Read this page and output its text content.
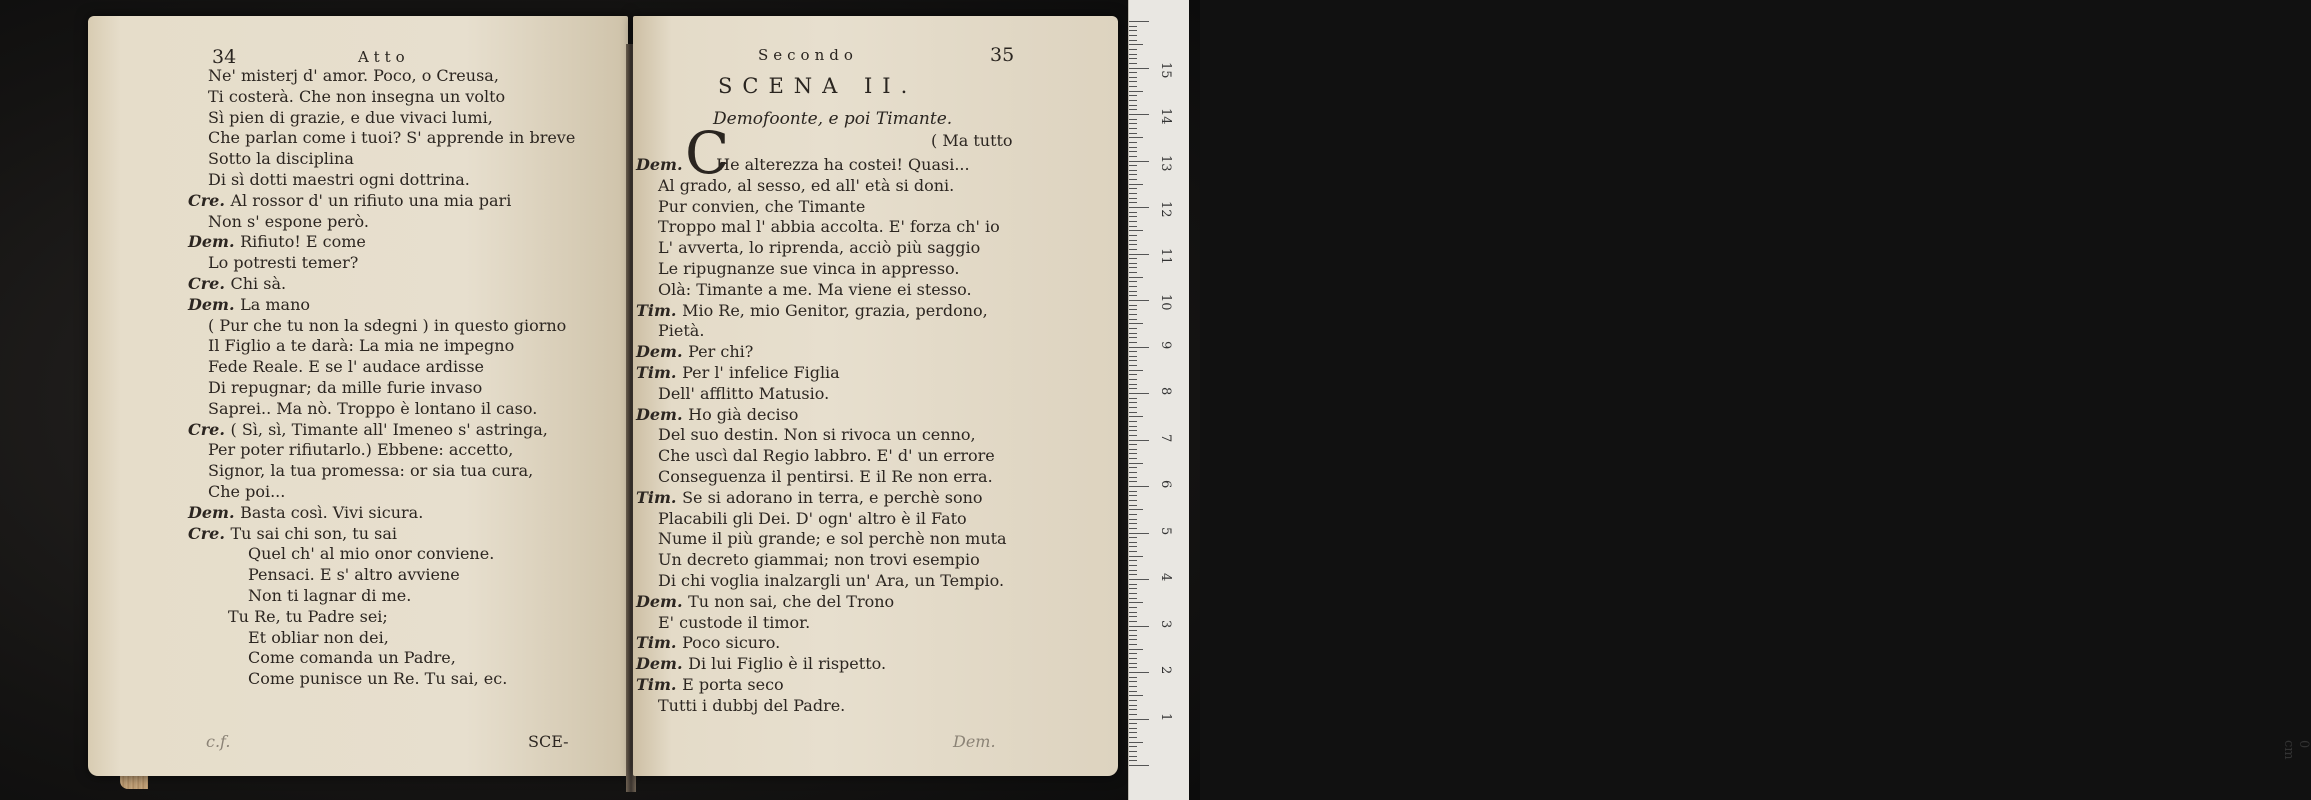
34	Atto
Ne' misterj d' amor. Poco, o Creusa,
Ti costerà. Che non insegna un volto
Sì pien di grazie, e due vivaci lumi,
Che parlan come i tuoi? S' apprende in breve
Sotto la disciplina
Di sì dotti maestri ogni dottrina.
Cre. Al rossor d' un rifiuto una mia pari
Non s' espone però.
Dem. Rifiuto! E come
Lo potresti temer?
Cre. Chi sà.
Dem. La mano
( Pur che tu non la sdegni ) in questo giorno
Il Figlio a te darà: La mia ne impegno
Fede Reale. E se l' audace ardisse
Di repugnar; da mille furie invaso
Saprei.. Ma nò. Troppo è lontano il caso.
Cre. ( Sì, sì, Timante all' Imeneo s' astringa,
Per poter rifiutarlo.) Ebbene: accetto,
Signor, la tua promessa: or sia tua cura,
Che poi...
Dem. Basta così. Vivi sicura.
Cre. Tu sai chi son, tu sai
Quel ch' al mio onor conviene.
Pensaci. E s' altro avviene
Non ti lagnar di me.
Tu Re, tu Padre sei;
Et obliar non dei,
Come comanda un Padre,
Come punisce un Re. Tu sai, ec.
c.f.	SCE-
Secondo	35
SCENA II.
Demofoonte, e poi Timante.
( Ma tutto
C
Dem. He alterezza ha costei! Quasi...
Al grado, al sesso, ed all' età si doni.
Pur convien, che Timante
Troppo mal l' abbia accolta. E' forza ch' io
L' avverta, lo riprenda, acciò più saggio
Le ripugnanze sue vinca in appresso.
Olà: Timante a me. Ma viene ei stesso.
Tim. Mio Re, mio Genitor, grazia, perdono,
Pietà.
Dem. Per chi?
Tim. Per l' infelice Figlia
Dell' afflitto Matusio.
Dem. Ho già deciso
Del suo destin. Non si rivoca un cenno,
Che uscì dal Regio labbro. E' d' un errore
Conseguenza il pentirsi. E il Re non erra.
Tim. Se si adorano in terra, e perchè sono
Placabili gli Dei. D' ogn' altro è il Fato
Nume il più grande; e sol perchè non muta
Un decreto giammai; non trovi esempio
Di chi voglia inalzargli un' Ara, un Tempio.
Dem. Tu non sai, che del Trono
E' custode il timor.
Tim. Poco sicuro.
Dem. Di lui Figlio è il rispetto.
Tim. E porta seco
Tutti i dubbj del Padre.
Dem.
1
2
3
4
5
6
7
8
9
10
11
12
13
14
15
0 cm
